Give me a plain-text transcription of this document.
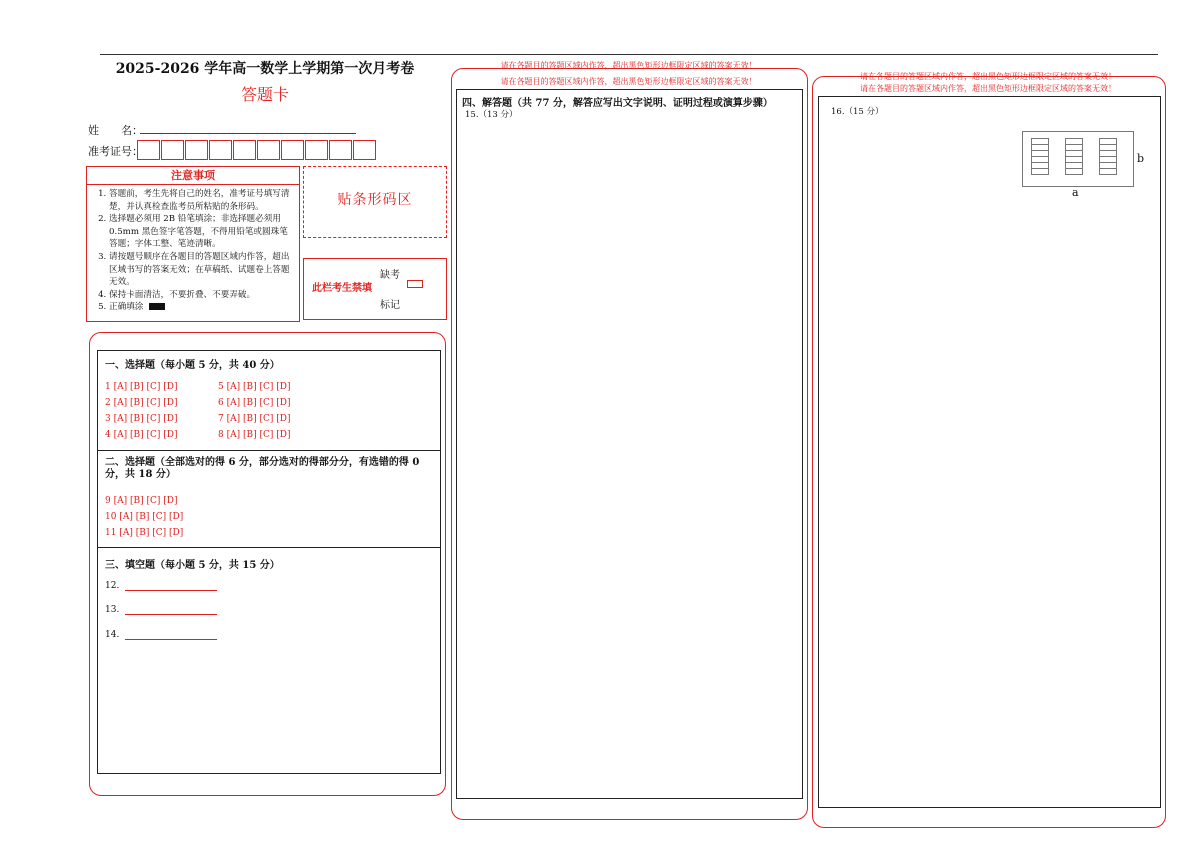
2025-2026 学年高一数学上学期第一次月考卷
答题卡
姓　　名：
准考证号：
注意事项
1. 答题前，考生先将自己的姓名，准考证号填写清楚，并认真检查监考员所粘贴的条形码。
2. 选择题必须用 2B 铅笔填涂；非选择题必须用 0.5mm 黑色签字笔答题，不得用铅笔或圆珠笔答题；字体工整、笔迹清晰。
3. 请按题号顺序在各题目的答题区域内作答，超出区域书写的答案无效；在草稿纸、试题卷上答题无效。
4. 保持卡面清洁，不要折叠、不要弄破。
5. 正确填涂
贴条形码区
此栏考生禁填
缺考
标记
一、选择题（每小题 5 分，共 40 分）
1 [A] [B] [C] [D]
2 [A] [B] [C] [D]
3 [A] [B] [C] [D]
4 [A] [B] [C] [D]
5 [A] [B] [C] [D]
6 [A] [B] [C] [D]
7 [A] [B] [C] [D]
8 [A] [B] [C] [D]
二、选择题（全部选对的得 6 分，部分选对的得部分分，有选错的得 0 分，共 18 分）
9 [A] [B] [C] [D]
10 [A] [B] [C] [D]
11 [A] [B] [C] [D]
三、填空题（每小题 5 分，共 15 分）
12.
13.
14.
请在各题目的答题区域内作答，超出黑色矩形边框限定区域的答案无效！
请在各题目的答题区域内作答，超出黑色矩形边框限定区域的答案无效！
四、解答题（共 77 分，解答应写出文字说明、证明过程或演算步骤）
15.（13 分）
请在各题目的答题区域内作答，超出黑色矩形边框限定区域的答案无效！
请在各题目的答题区域内作答，超出黑色矩形边框限定区域的答案无效！
16.（15 分）
a
b
